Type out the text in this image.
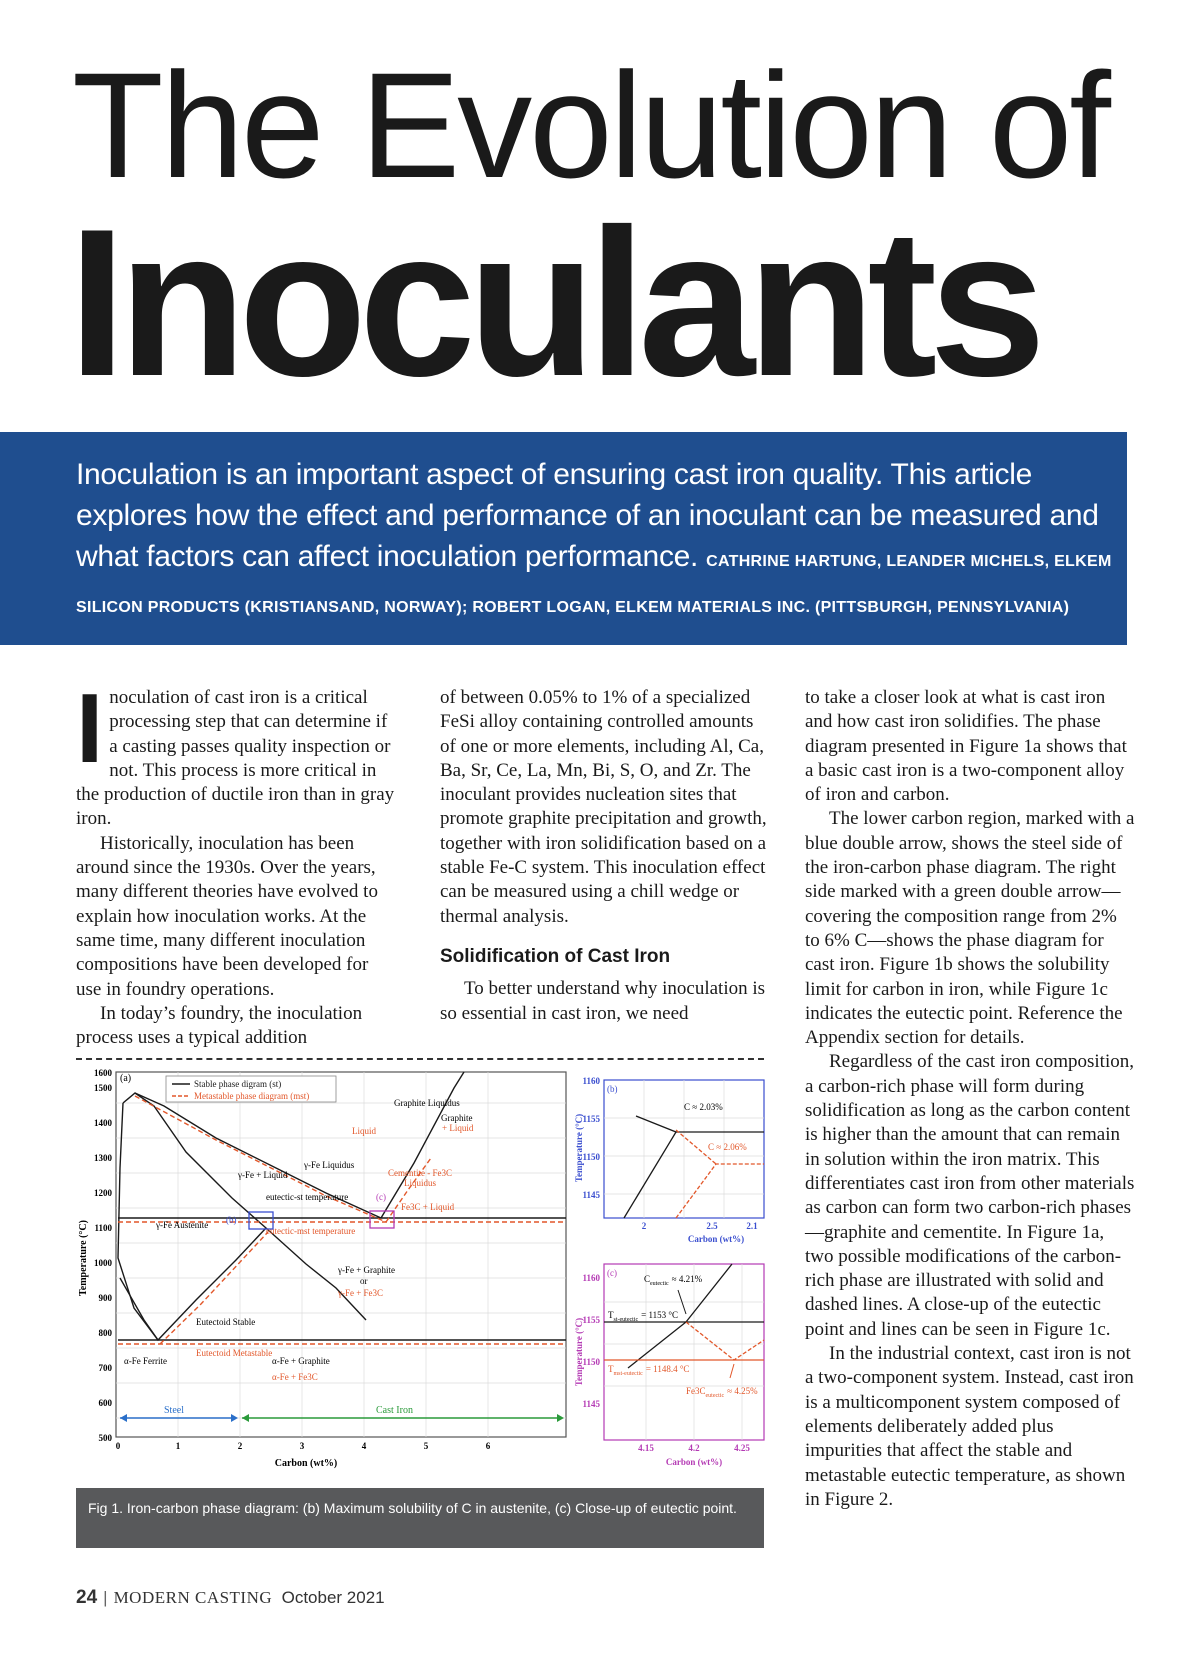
The Evolution of
Inoculants
Inoculation is an important aspect of ensuring cast iron quality. This article explores how the effect and performance of an inoculant can be measured and what factors can affect inoculation performance. CATHRINE HARTUNG, LEANDER MICHELS, ELKEM SILICON PRODUCTS (KRISTIANSAND, NORWAY); ROBERT LOGAN, ELKEM MATERIALS INC. (PITTSBURGH, PENNSYLVANIA)
I noculation of cast iron is a critical processing step that can determine if a casting passes quality inspection or not. This process is more critical in the production of ductile iron than in gray iron.

Historically, inoculation has been around since the 1930s. Over the years, many different theories have evolved to explain how inoculation works. At the same time, many different inoculation compositions have been developed for use in foundry operations.

In today’s foundry, the inoculation process uses a typical addition

of between 0.05% to 1% of a specialized FeSi alloy containing controlled amounts of one or more elements, including Al, Ca, Ba, Sr, Ce, La, Mn, Bi, S, O, and Zr. The inoculant provides nucleation sites that promote graphite precipitation and growth, together with iron solidification based on a stable Fe-C system. This inoculation effect can be measured using a chill wedge or thermal analysis.

Solidification of Cast Iron

To better understand why inoculation is so essential in cast iron, we need

to take a closer look at what is cast iron and how cast iron solidifies. The phase diagram presented in Figure 1a shows that a basic cast iron is a two-component alloy of iron and carbon.

The lower carbon region, marked with a blue double arrow, shows the steel side of the iron-carbon phase diagram. The right side marked with a green double arrow—covering the composition range from 2% to 6% C—shows the phase diagram for cast iron. Figure 1b shows the solubility limit for carbon in iron, while Figure 1c indicates the eutectic point. Reference the Appendix section for details.

Regardless of the cast iron composition, a carbon-rich phase will form during solidification as long as the carbon content is higher than the amount that can remain in solution within the iron matrix. This differentiates cast iron from other materials as carbon can form two carbon-rich phases—graphite and cementite. In Figure 1a, two possible modifications of the carbon-rich phase are illustrated with solid and dashed lines. A close-up of the eutectic point and lines can be seen in Figure 1c.

In the industrial context, cast iron is not a two-component system. Instead, cast iron is a multicomponent system composed of elements deliberately added plus impurities that affect the stable and metastable eutectic temperature, as shown in Figure 2.

Stable phase digram (st)
Metastable phase diagram (mst)
(a)
Graphite Liquidus
Graphite
+ Liquid
Liquid
γ-Fe Liquidus
γ-Fe + Liquid	Cementite - Fe3C
Liquidus
Fe3C + Liquid
eutectic-st temperature
eutectic-mst temperature
γ-Fe Austenite (b)
(c)
γ-Fe + Graphite
or
γ-Fe + Fe3C
Eutectoid Stable
Eutectoid Metastable
α-Fe Ferrite	α-Fe + Graphite
α-Fe + Fe3C
Steel	Cast Iron
500
600
700
800
900
1000
1100
1200
1300
1400
1500
1600
0	1	2	3	4	5	6
Carbon (wt%)
Temperature (°C)
(b)
C ≈ 2.03%
C ≈ 2.06%
1160
1155
1150
1145
2	2.5	2.1
Carbon (wt%)
Temperature (°C)
(c)
$C_{eutectic} \approx 4.21\%$
$T_{st-eutectic} = 1153$ °C
$T_{mst-eutectic} = 1148.4$ °C
$Fe3C_{eutectic} \approx 4.25\%$
1160
1155
1150
1145
4.15	4.2	4.25
Carbon (wt%)
Temperature (°C)
Fig 1. Iron-carbon phase diagram: (b) Maximum solubility of C in austenite, (c) Close-up of eutectic point.
24 | MODERN CASTING October 2021
